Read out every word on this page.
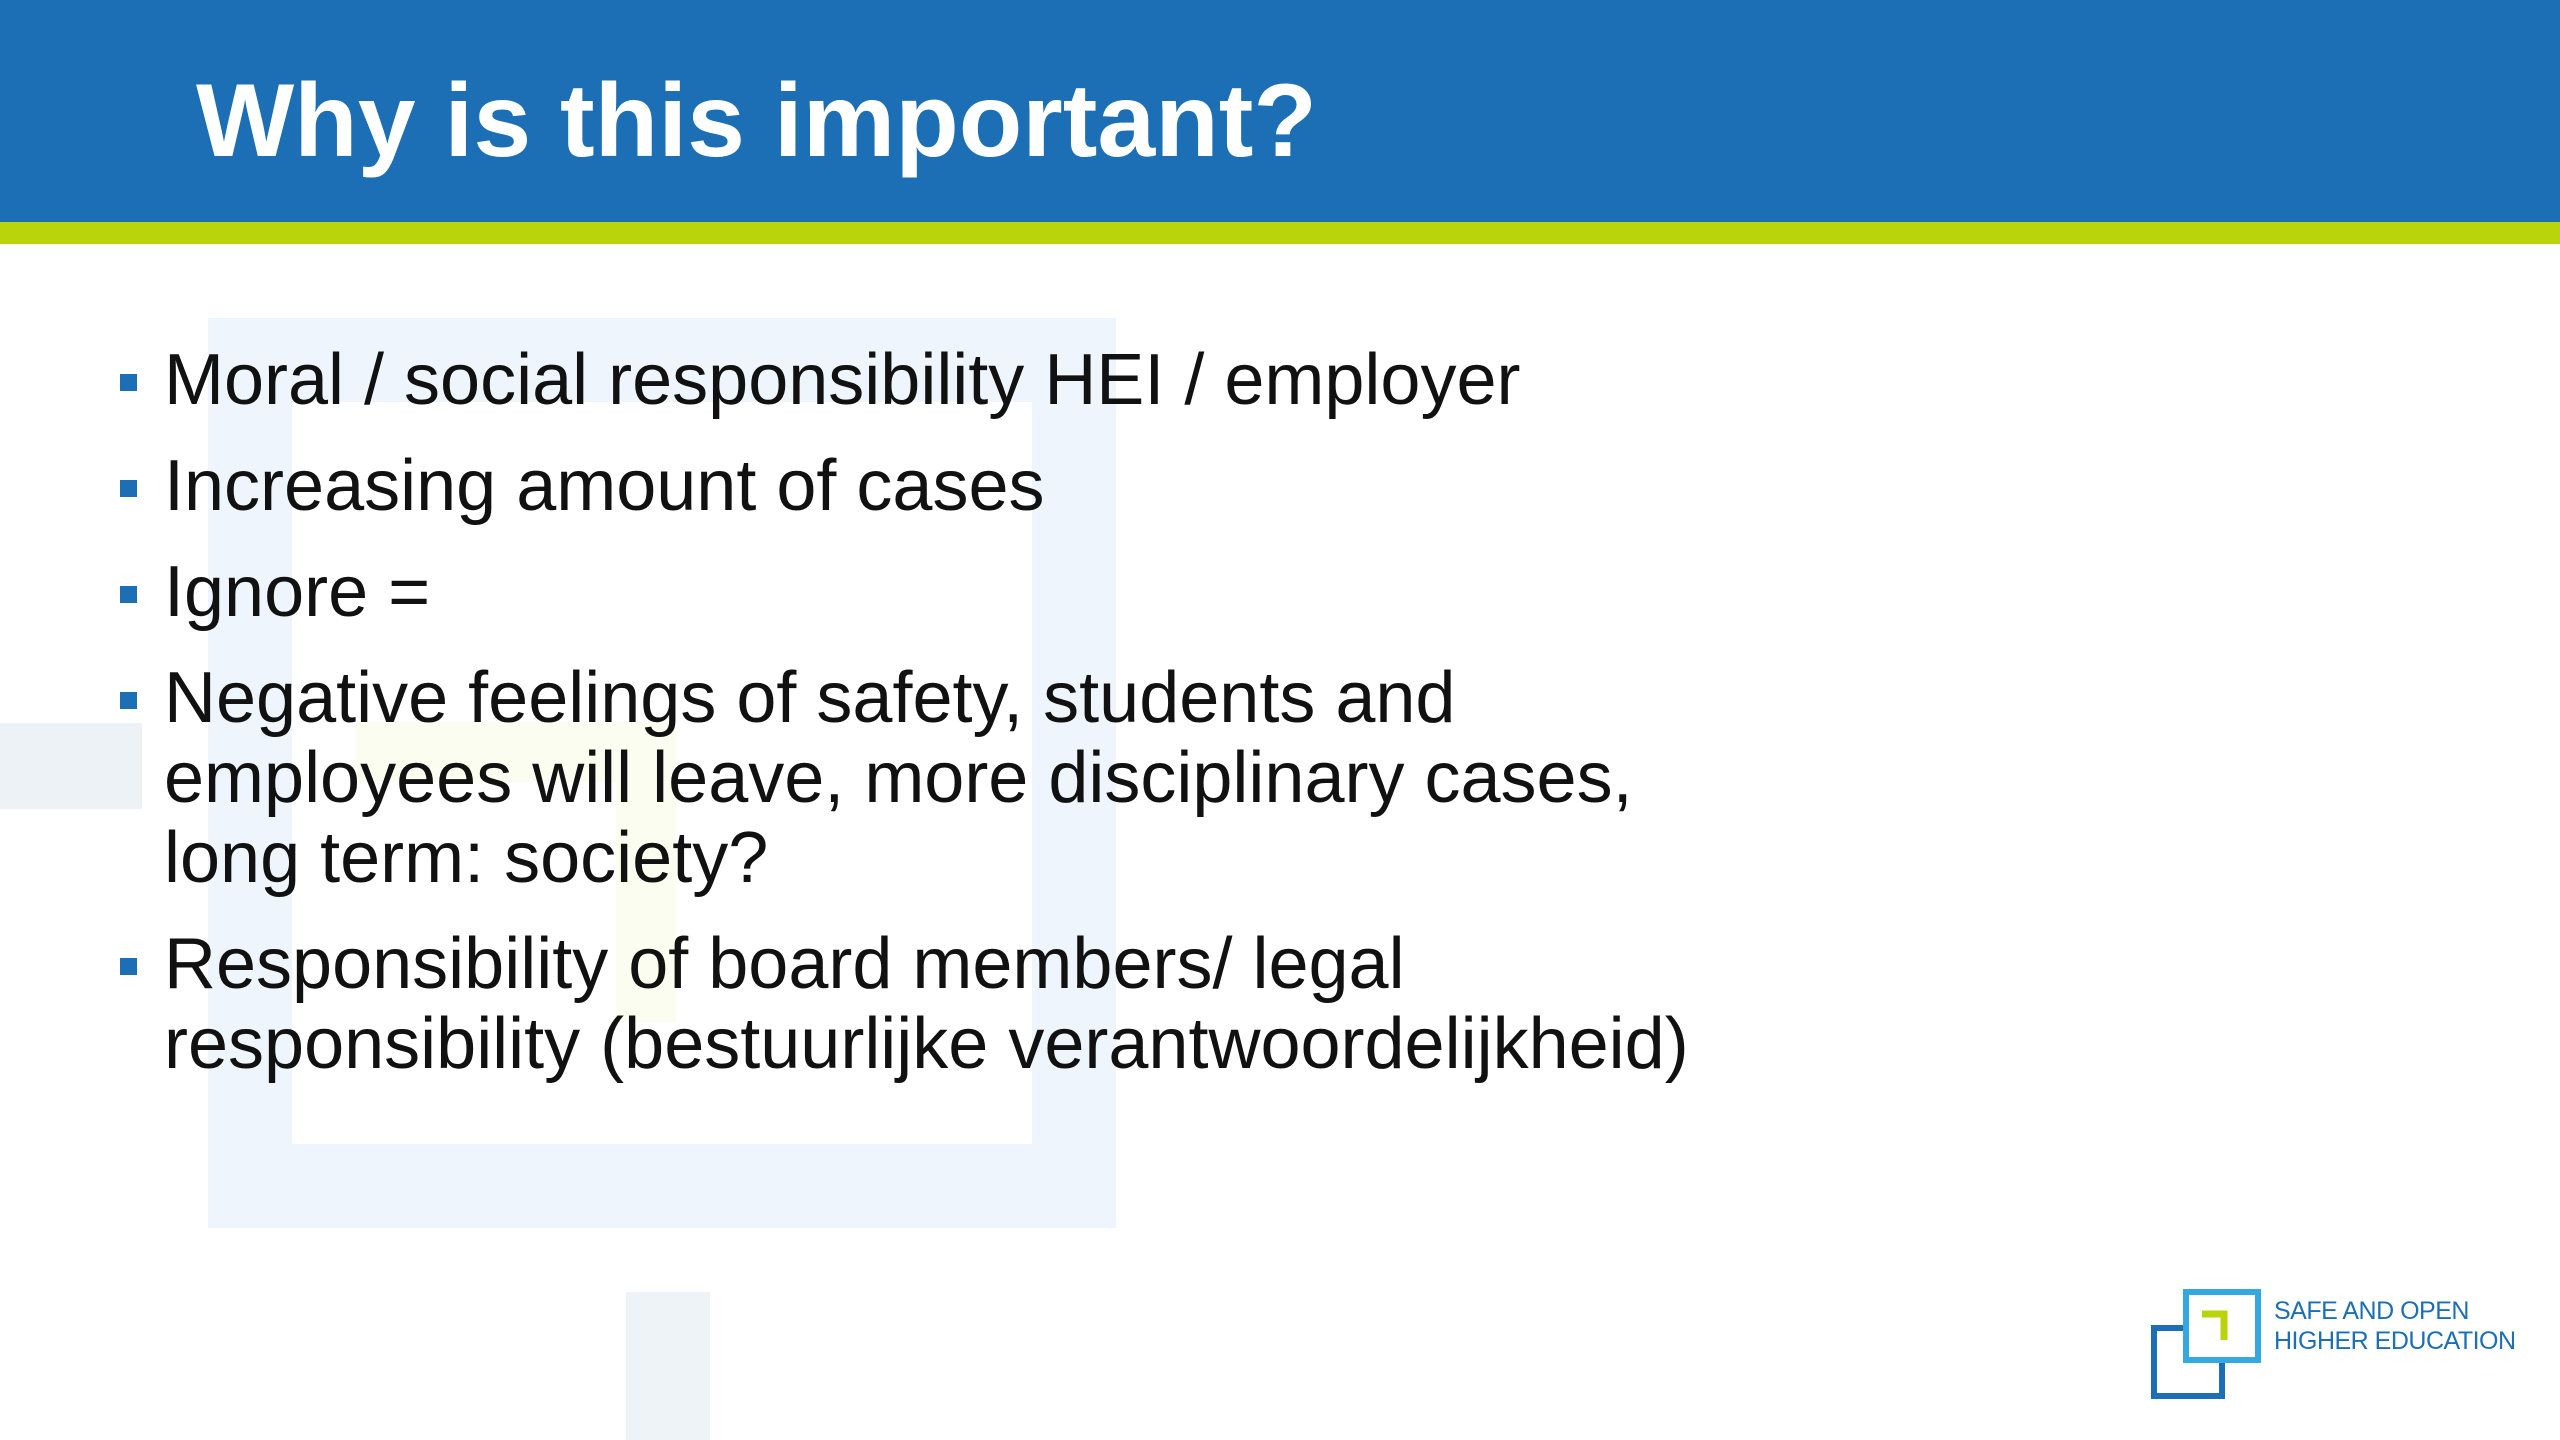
Why is this important?
Moral / social responsibility HEI / employer
Increasing amount of cases
Ignore =
Negative feelings of safety, students and
employees will leave, more disciplinary cases,
long term: society?
Responsibility of board members/ legal
responsibility (bestuurlijke verantwoordelijkheid)
SAFE AND OPEN
HIGHER EDUCATION
